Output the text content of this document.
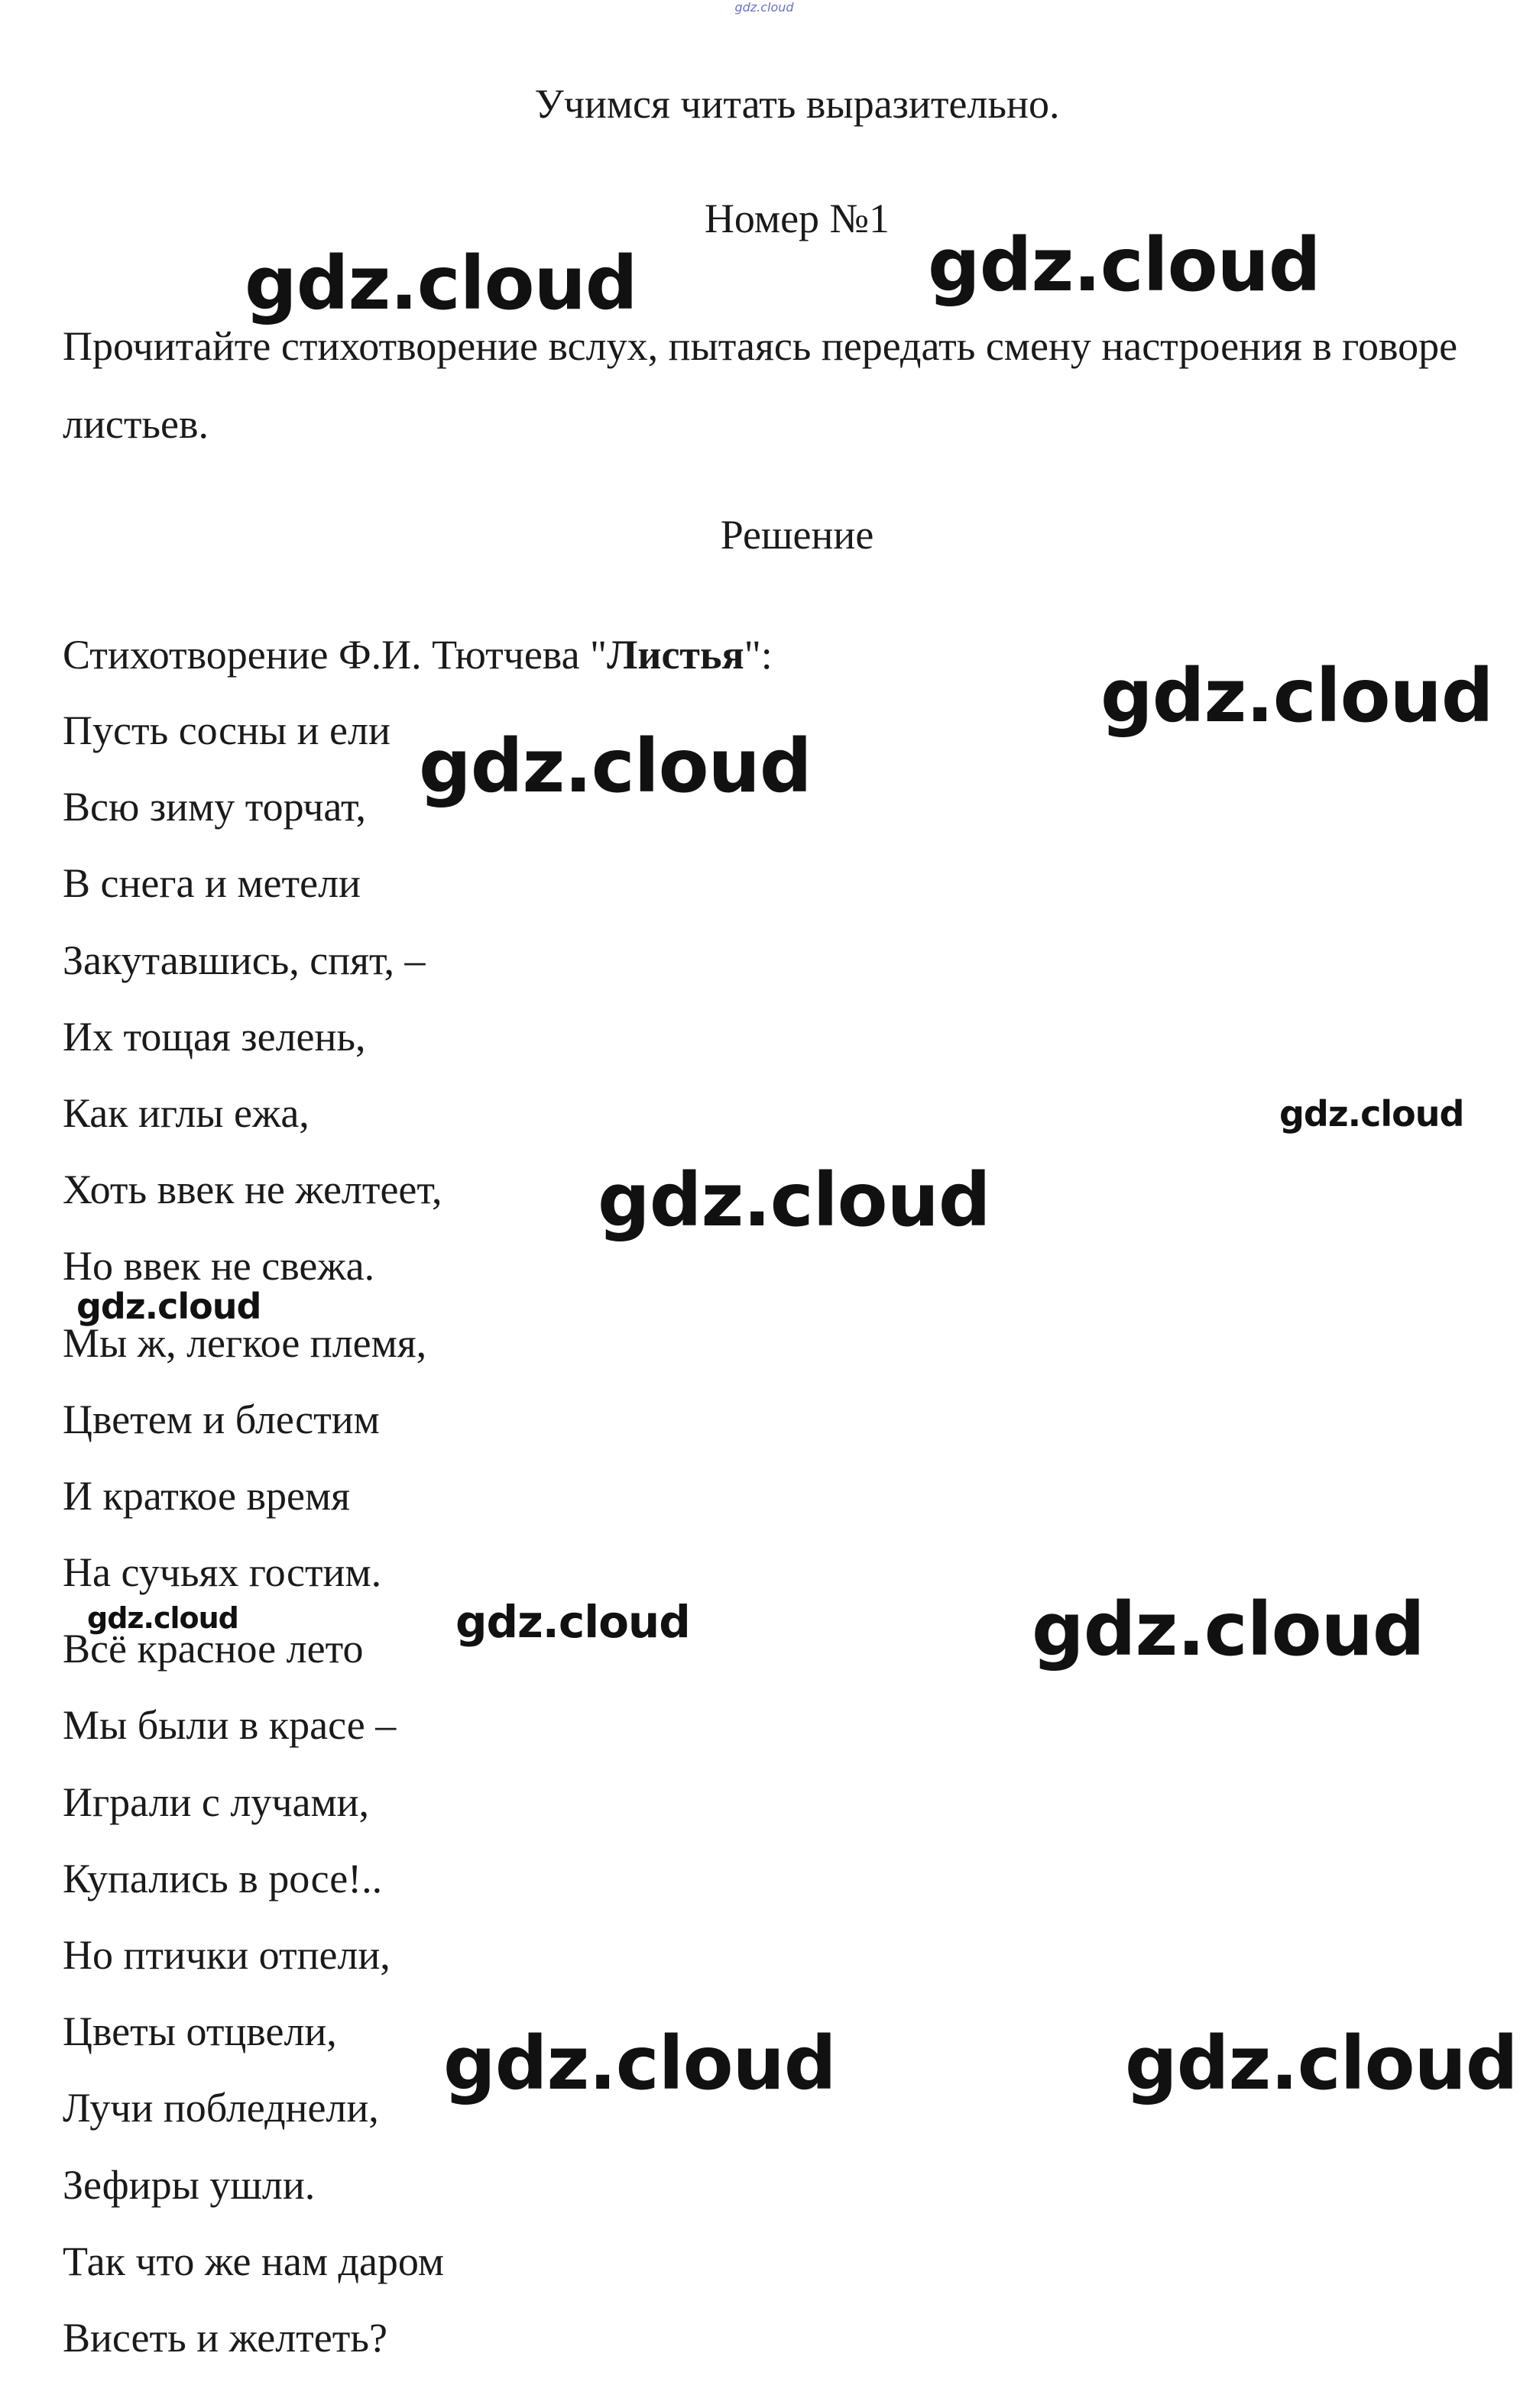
gdz.cloud
Учимся читать выразительно.
Номер №1
Прочитайте стихотворение вслух, пытаясь передать смену настроения в говоре листьев.
Решение
Стихотворение Ф.И. Тютчева "Листья":
Пусть сосны и ели
Всю зиму торчат,
В снега и метели
Закутавшись, спят, –
Их тощая зелень,
Как иглы ежа,
Хоть ввек не желтеет,
Но ввек не свежа.
Мы ж, легкое племя,
Цветем и блестим
И краткое время
На сучьях гостим.
Всё красное лето
Мы были в красе –
Играли с лучами,
Купались в росе!..
Но птички отпели,
Цветы отцвели,
Лучи побледнели,
Зефиры ушли.
Так что же нам даром
Висеть и желтеть?
gdz.cloud	gdz.cloud
gdz.cloud
gdz.cloud
gdz.cloud
gdz.cloud
gdz.cloud
gdz.cloud	gdz.cloud	gdz.cloud
gdz.cloud	gdz.cloud
